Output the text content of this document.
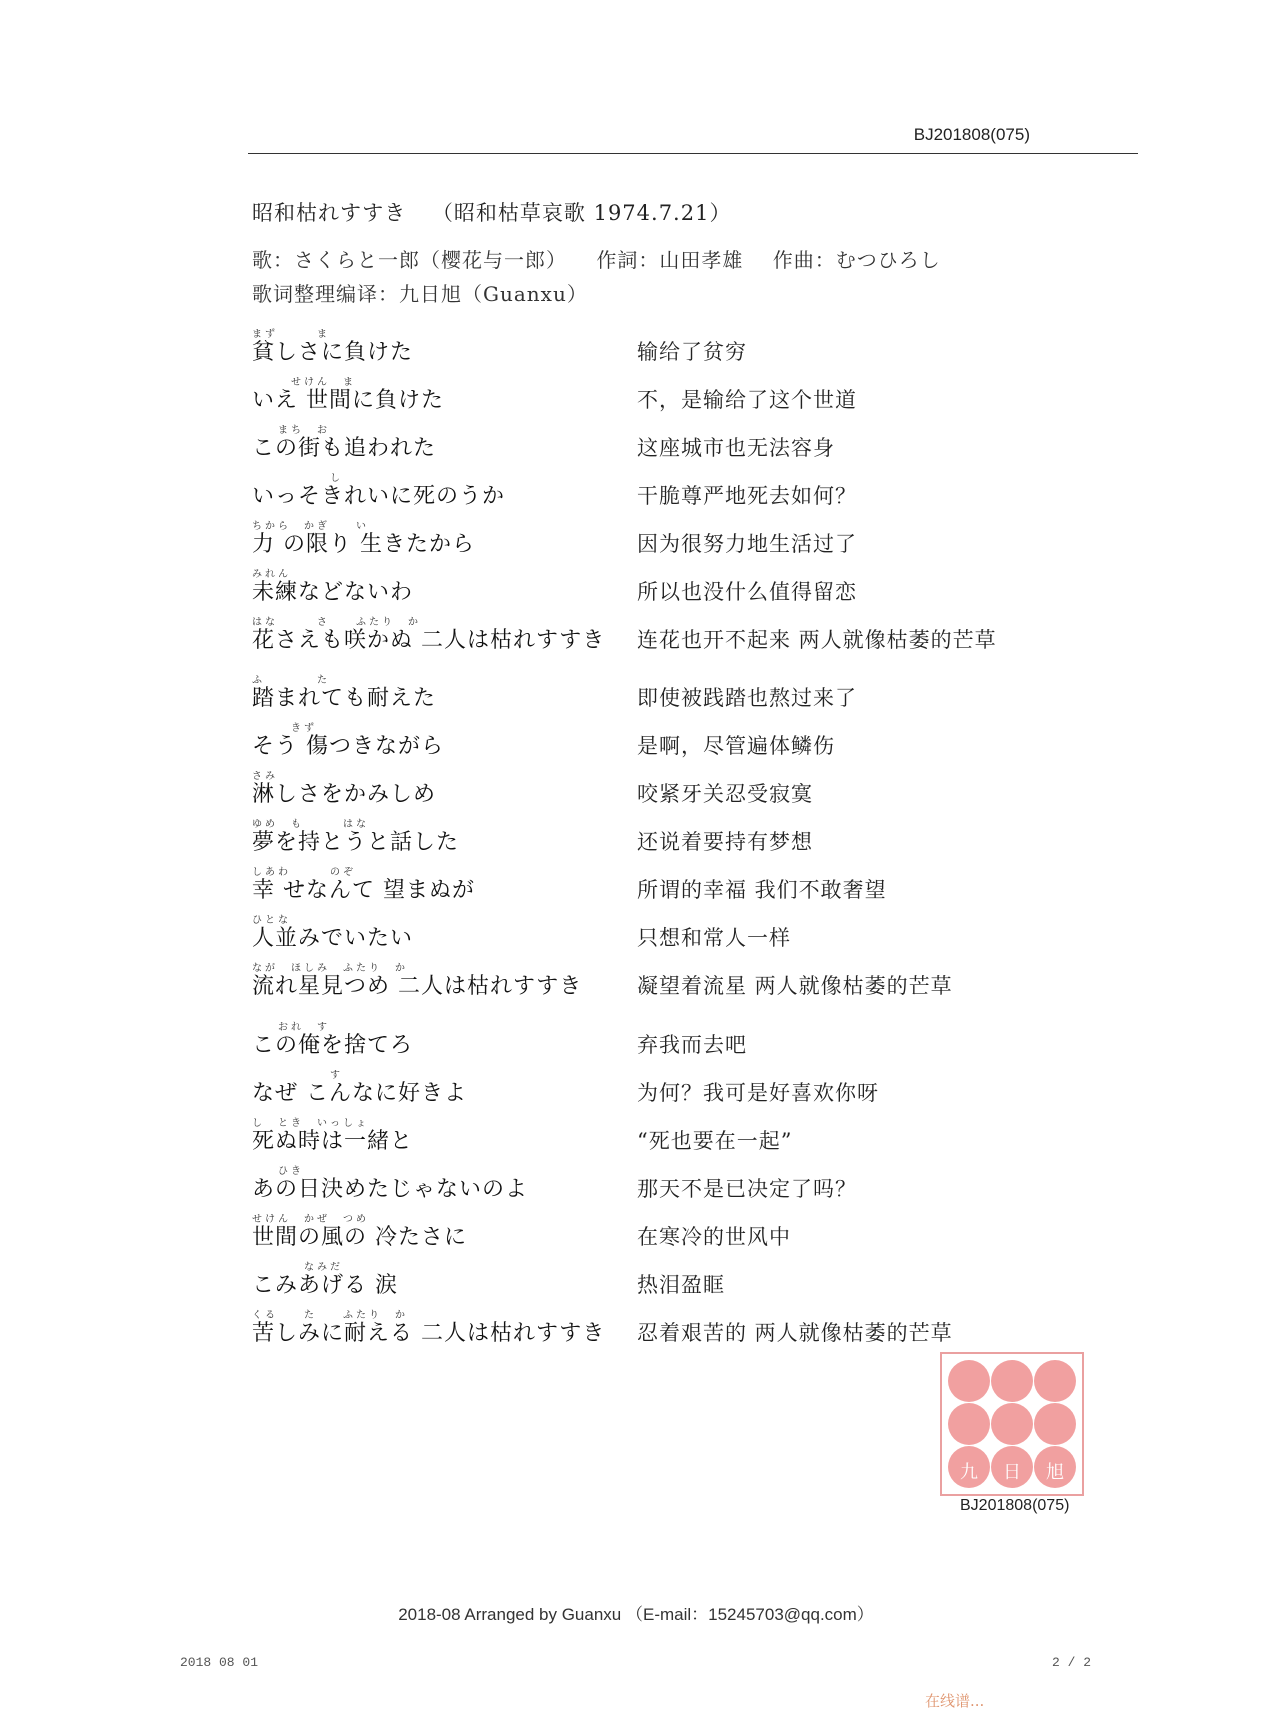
BJ201808(075)
昭和枯れすすき （昭和枯草哀歌 1974.7.21）
歌：さくらと一郎（樱花与一郎） 作詞：山田孝雄 作曲：むつひろし
歌词整理编译：九日旭（Guanxu）
まず　　　ま
貧しさに負けた	输给了贫穷
　　　せけん　ま
いえ 世間に負けた	不，是输给了这个世道
　　まち　お
この街も追われた	这座城市也无法容身
　　　　　　し
いっそきれいに死のうか	干脆尊严地死去如何？
ちから　かぎ　　い
力 の限り 生きたから	因为很努力地生活过了
みれん
未練などないわ	所以也没什么值得留恋
はな　　　さ　　ふたり　か
花さえも咲かぬ 二人は枯れすすき 连花也开不起来 两人就像枯萎的芒草
ふ　　　　た
踏まれても耐えた	即使被践踏也熬过来了
　　　きず
そう 傷つきながら	是啊，尽管遍体鳞伤
さみ
淋しさをかみしめ	咬紧牙关忍受寂寞
ゆめ　も　　　はな
夢を持とうと話した	还说着要持有梦想
しあわ　　　のぞ
幸 せなんて 望まぬが	所谓的幸福 我们不敢奢望
ひとな
人並みでいたい	只想和常人一样
なが　ほしみ　ふたり　か
流れ星見つめ 二人は枯れすすき	凝望着流星 两人就像枯萎的芒草
　　おれ　す
この俺を捨てろ	弃我而去吧
　　　　　　す
なぜ こんなに好きよ	为何？我可是好喜欢你呀
し　とき　いっしょ
死ぬ時は一緒と	“死也要在一起”
　　ひき
あの日決めたじゃないのよ	那天不是已决定了吗？
せけん　かぜ　つめ
世間の風の 冷たさに	在寒冷的世风中
　　　　なみだ
こみあげる 涙	热泪盈眶
くる　　た　　ふたり　か
苦しみに耐える 二人は枯れすすき 忍着艰苦的 两人就像枯萎的芒草
九 日 旭
BJ201808(075)
2018-08 Arranged by Guanxu （E-mail：15245703@qq.com）
2018 08 01	2 / 2
在线谱...
